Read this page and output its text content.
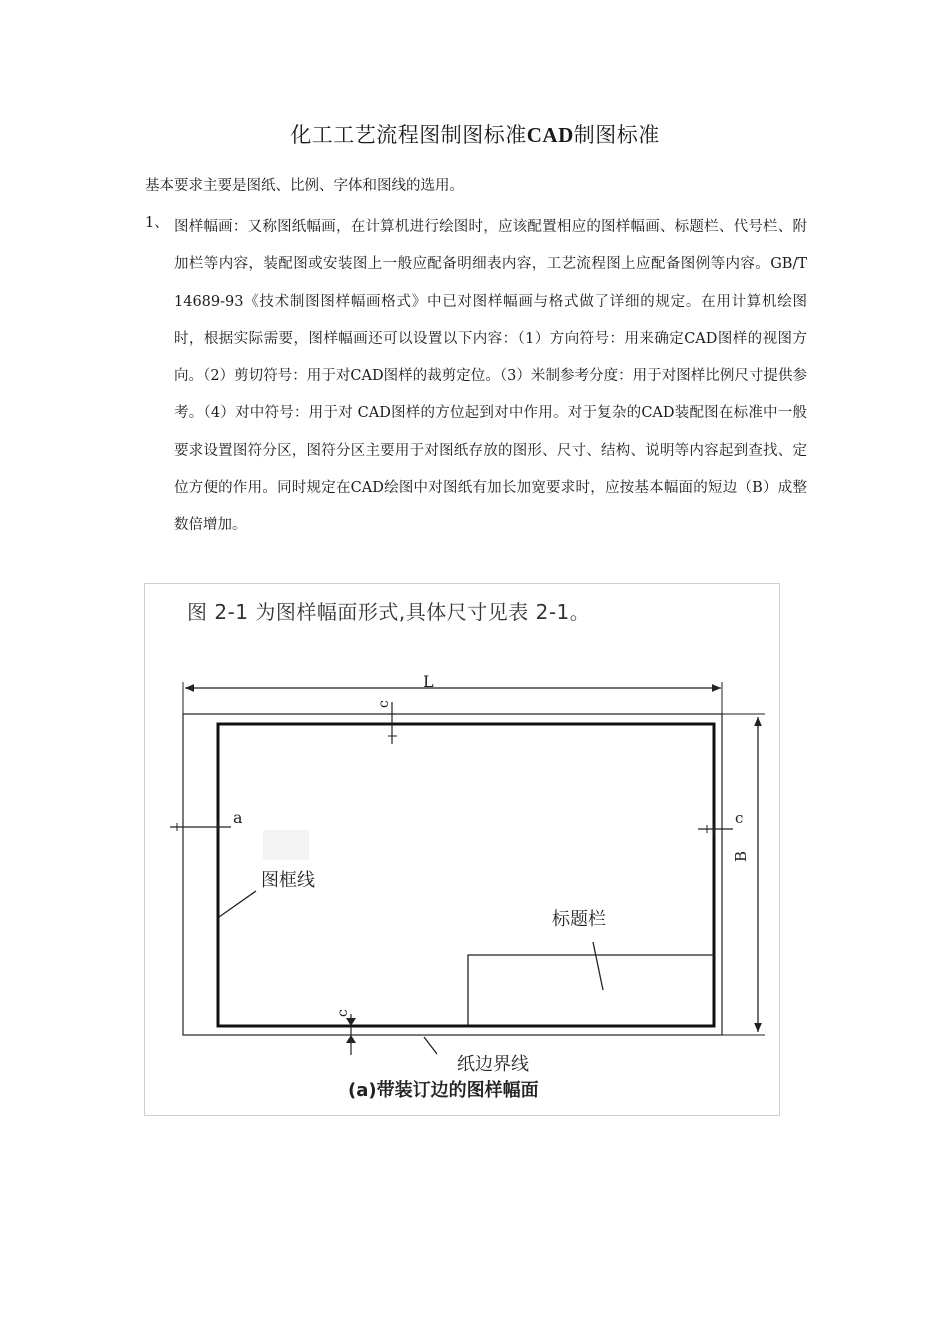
化工工艺流程图制图标准CAD制图标准
基本要求主要是图纸、比例、字体和图线的选用。
1、 图样幅画：又称图纸幅画，在计算机进行绘图时，应该配置相应的图样幅画、标题栏、代号栏、附加栏等内容，装配图或安装图上一般应配备明细表内容，工艺流程图上应配备图例等内容。GB/T 14689-93《技术制图图样幅画格式》中已对图样幅画与格式做了详细的规定。在用计算机绘图时，根据实际需要，图样幅画还可以设置以下内容：（1）方向符号：用来确定CAD图样的视图方向。（2）剪切符号：用于对CAD图样的裁剪定位。（3）米制参考分度：用于对图样比例尺寸提供参考。（4）对中符号：用于对 CAD图样的方位起到对中作用。对于复杂的CAD装配图在标准中一般要求设置图符分区，图符分区主要用于对图纸存放的图形、尺寸、结构、说明等内容起到查找、定位方便的作用。同时规定在CAD绘图中对图纸有加长加宽要求时，应按基本幅面的短边（B）成整数倍增加。
L
B
c
a	c
c
图框线
标题栏
纸边界线
(a)带装订边的图样幅面
图 2-1 为图样幅面形式,具体尺寸见表 2-1。
